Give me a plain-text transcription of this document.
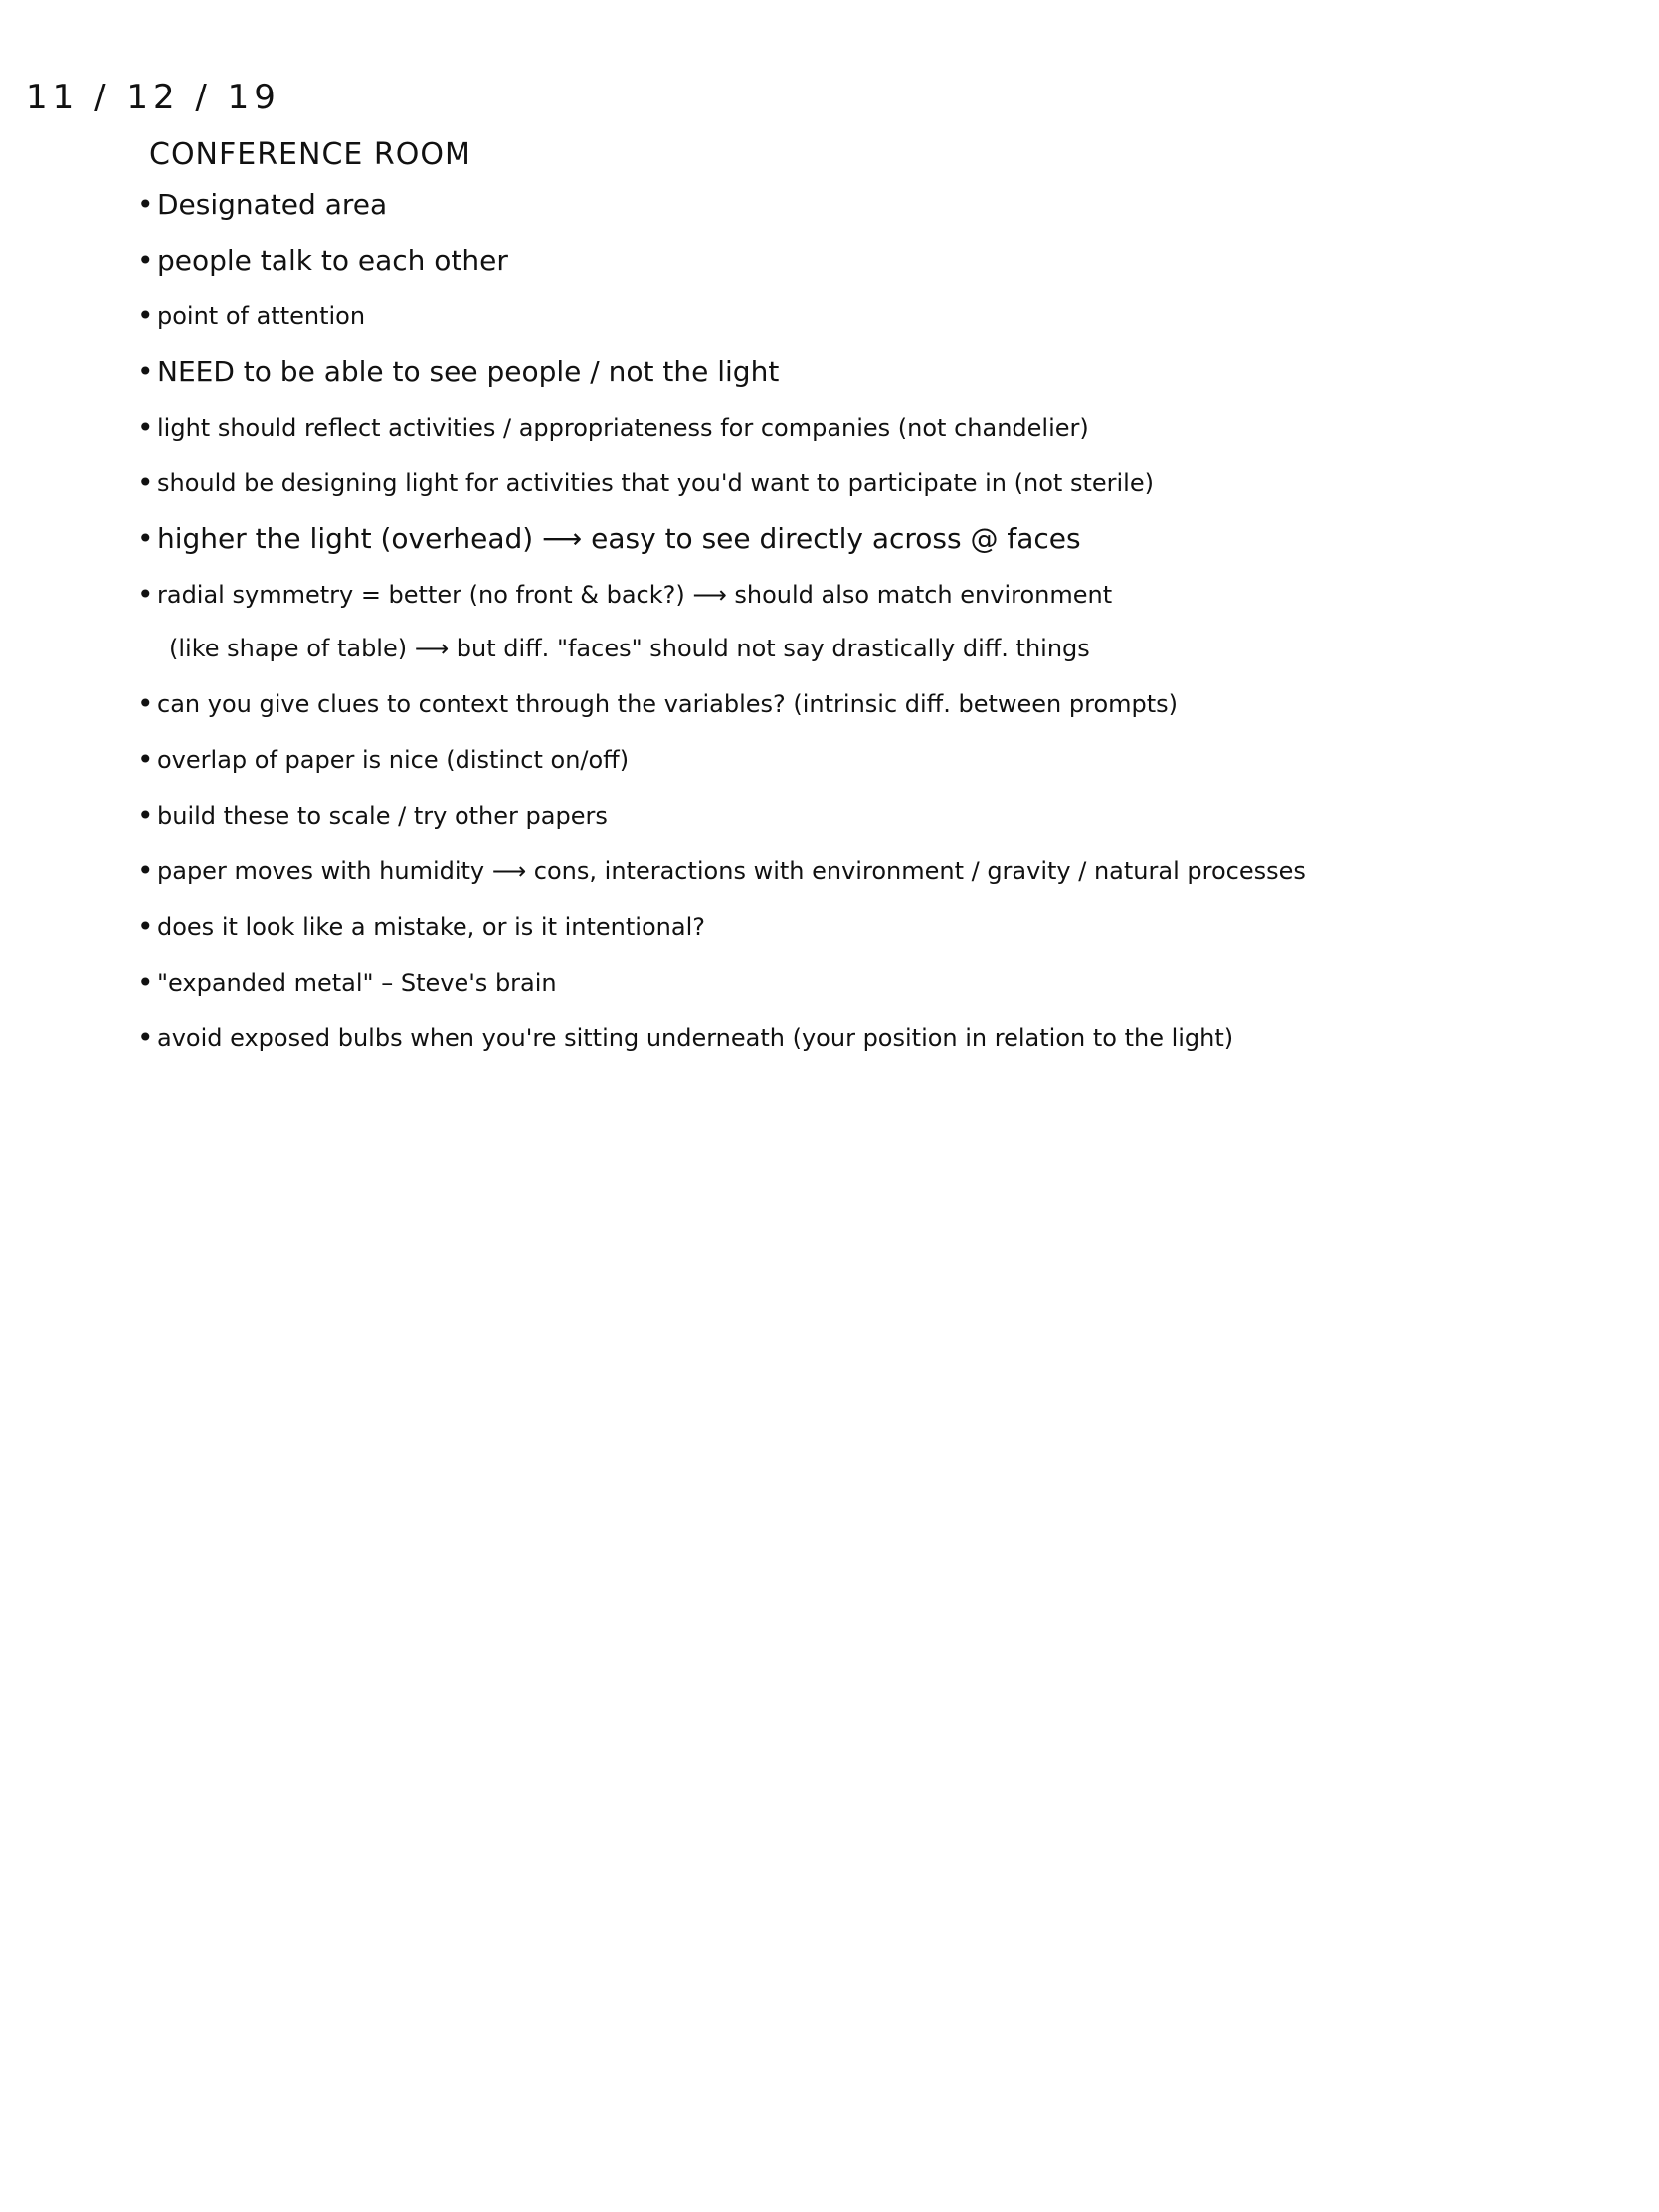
11 / 12 / 19
CONFERENCE ROOM
• Designated area
• people talk to each other
• point of attention
• NEED to be able to see people / not the light
• light should reflect activities / appropriateness for companies (not chandelier)
• should be designing light for activities that you'd want to participate in (not sterile)
• higher the light (overhead) ⟶ easy to see directly across @ faces
• radial symmetry = better (no front & back?) ⟶ should also match environment
(like shape of table) ⟶ but diff. "faces" should not say drastically diff. things
• can you give clues to context through the variables? (intrinsic diff. between prompts)
• overlap of paper is nice (distinct on/off)
• build these to scale / try other papers
• paper moves with humidity ⟶ cons, interactions with environment / gravity / natural processes
• does it look like a mistake, or is it intentional?
• "expanded metal" – Steve's brain
• avoid exposed bulbs when you're sitting underneath (your position in relation to the light)
